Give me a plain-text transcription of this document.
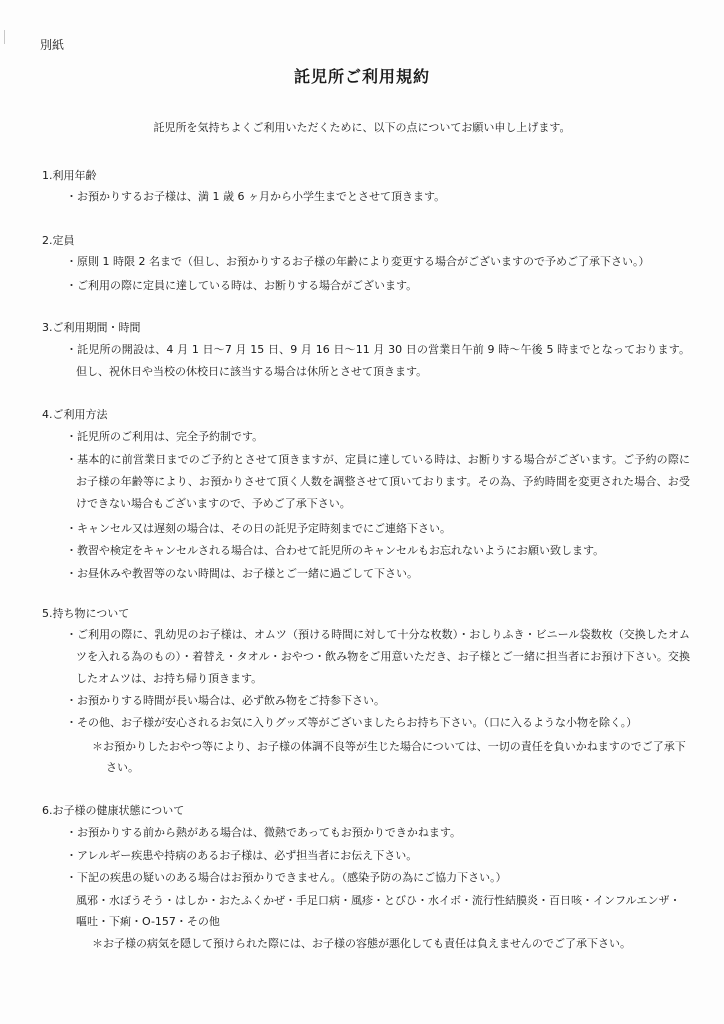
別紙
託児所ご利用規約
託児所を気持ちよくご利用いただくために、以下の点についてお願い申し上げます。
1.利用年齢
・お預かりするお子様は、満 1 歳 6 ヶ月から小学生までとさせて頂きます。
2.定員
・原則 1 時限 2 名まで（但し、お預かりするお子様の年齢により変更する場合がございますので予めご了承下さい。）
・ご利用の際に定員に達している時は、お断りする場合がございます。
3.ご利用期間・時間
・託児所の開設は、4 月 1 日～7 月 15 日、9 月 16 日～11 月 30 日の営業日午前 9 時～午後 5 時までとなっております。但し、祝休日や当校の休校日に該当する場合は休所とさせて頂きます。
4.ご利用方法
・託児所のご利用は、完全予約制です。
・基本的に前営業日までのご予約とさせて頂きますが、定員に達している時は、お断りする場合がございます。ご予約の際にお子様の年齢等により、お預かりさせて頂く人数を調整させて頂いております。その為、予約時間を変更された場合、お受けできない場合もございますので、予めご了承下さい。
・キャンセル又は遅刻の場合は、その日の託児予定時刻までにご連絡下さい。
・教習や検定をキャンセルされる場合は、合わせて託児所のキャンセルもお忘れないようにお願い致します。
・お昼休みや教習等のない時間は、お子様とご一緒に過ごして下さい。
5.持ち物について
・ご利用の際に、乳幼児のお子様は、オムツ（預ける時間に対して十分な枚数）・おしりふき・ビニール袋数枚（交換したオムツを入れる為のもの）・着替え・タオル・おやつ・飲み物をご用意いただき、お子様とご一緒に担当者にお預け下さい。交換したオムツは、お持ち帰り頂きます。
・お預かりする時間が長い場合は、必ず飲み物をご持参下さい。
・その他、お子様が安心されるお気に入りグッズ等がございましたらお持ち下さい。（口に入るような小物を除く。）
＊お預かりしたおやつ等により、お子様の体調不良等が生じた場合については、一切の責任を負いかねますのでご了承下さい。
6.お子様の健康状態について
・お預かりする前から熱がある場合は、微熱であってもお預かりできかねます。
・アレルギー疾患や持病のあるお子様は、必ず担当者にお伝え下さい。
・下記の疾患の疑いのある場合はお預かりできません。（感染予防の為にご協力下さい。）
風邪・水ぼうそう・はしか・おたふくかぜ・手足口病・風疹・とびひ・水イボ・流行性結膜炎・百日咳・インフルエンザ・
嘔吐・下痢・O-157・その他
＊お子様の病気を隠して預けられた際には、お子様の容態が悪化しても責任は負えませんのでご了承下さい。
